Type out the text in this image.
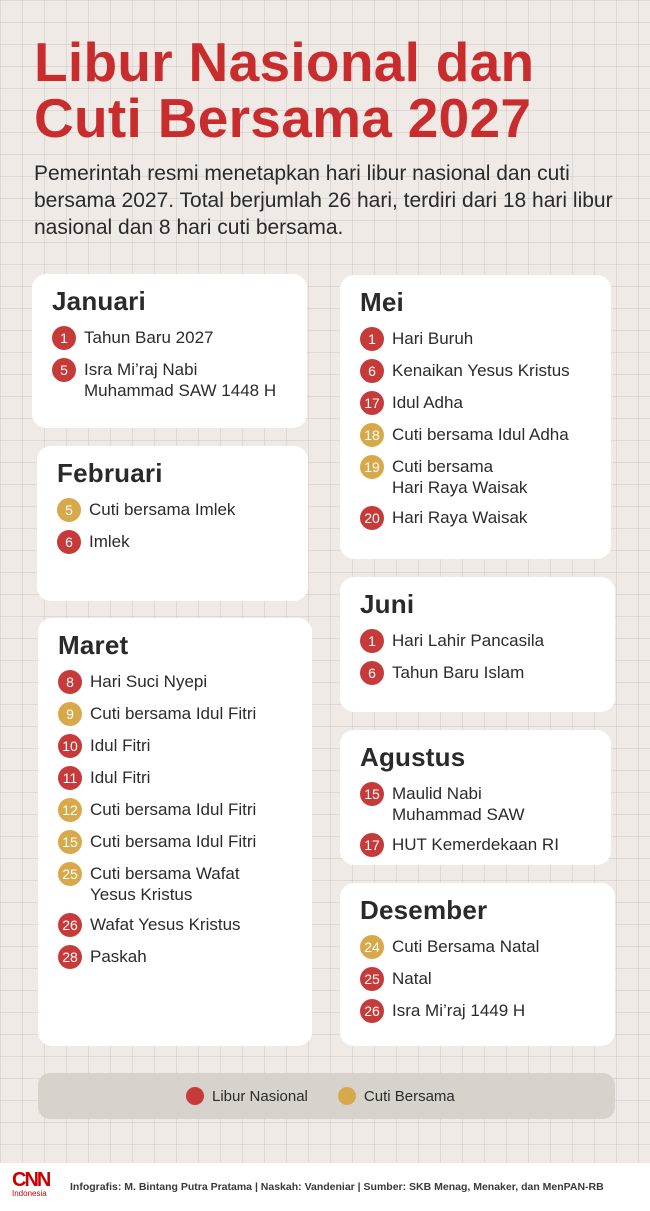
Libur Nasional dan
Cuti Bersama 2027

Pemerintah resmi menetapkan hari libur nasional dan cuti bersama 2027. Total berjumlah 26 hari, terdiri dari 18 hari libur nasional dan 8 hari cuti bersama.

Januari
1 Tahun Baru 2027
5 Isra Mi’raj Nabi
Muhammad SAW 1448 H
Februari
5 Cuti bersama Imlek
6 Imlek
Maret
8 Hari Suci Nyepi
9 Cuti bersama Idul Fitri
10 Idul Fitri
11 Idul Fitri
12 Cuti bersama Idul Fitri
15 Cuti bersama Idul Fitri
25 Cuti bersama Wafat
Yesus Kristus
26 Wafat Yesus Kristus
28 Paskah
Mei
1 Hari Buruh
6 Kenaikan Yesus Kristus
17 Idul Adha
18 Cuti bersama Idul Adha
19 Cuti bersama
Hari Raya Waisak
20 Hari Raya Waisak
Juni
1 Hari Lahir Pancasila
6 Tahun Baru Islam
Agustus
15 Maulid Nabi
Muhammad SAW
17 HUT Kemerdekaan RI
Desember
24 Cuti Bersama Natal
25 Natal
26 Isra Mi’raj 1449 H
Libur Nasional	Cuti Bersama
CNN
Indonesia
Infografis: M. Bintang Putra Pratama | Naskah: Vandeniar | Sumber: SKB Menag, Menaker, dan MenPAN-RB
